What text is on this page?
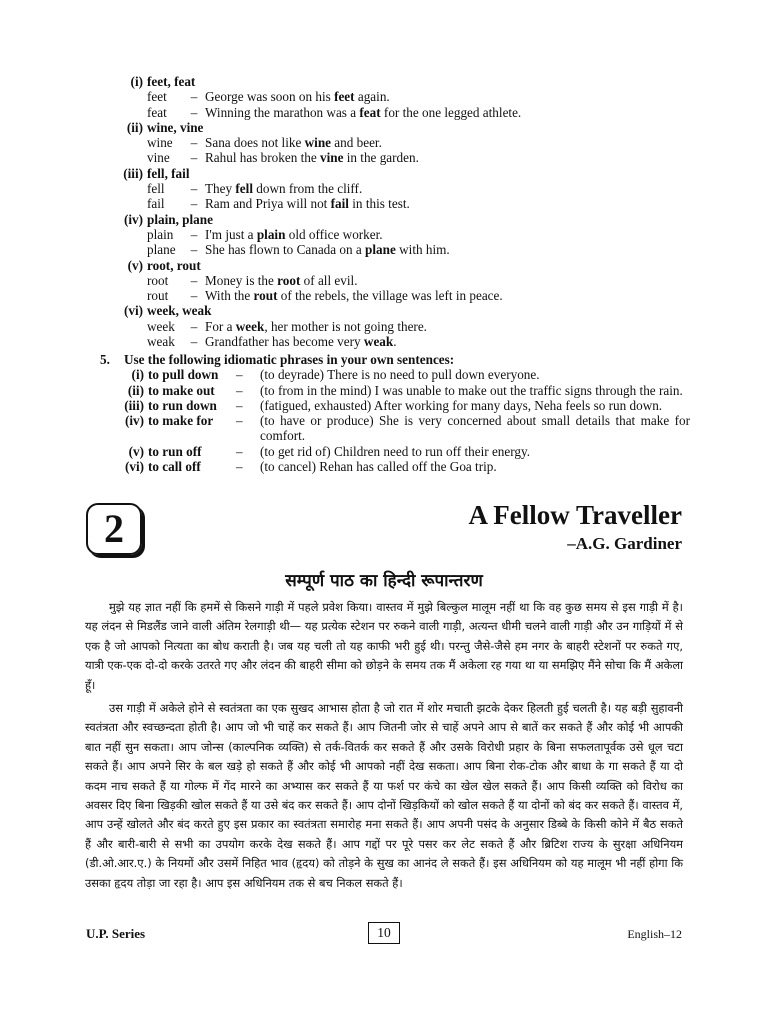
(i) feet, feat
feet	– George was soon on his feet again.
feat	– Winning the marathon was a feat for the one legged athlete.
(ii) wine, vine
wine	– Sana does not like wine and beer.
vine	– Rahul has broken the vine in the garden.
(iii) fell, fail
fell	– They fell down from the cliff.
fail	– Ram and Priya will not fail in this test.
(iv) plain, plane
plain	– I'm just a plain old office worker.
plane	– She has flown to Canada on a plane with him.
(v) root, rout
root	– Money is the root of all evil.
rout	– With the rout of the rebels, the village was left in peace.
(vi) week, weak
week	– For a week, her mother is not going there.
weak	– Grandfather has become very weak.
5.	Use the following idiomatic phrases in your own sentences:
(i) to pull down	–	(to deyrade) There is no need to pull down everyone.
(ii) to make out	–	(to from in the mind) I was unable to make out the traffic signs through the rain.
(iii) to run down	–	(fatigued, exhausted) After working for many days, Neha feels so run down.
(iv) to make for	–	(to have or produce) She is very concerned about small details that make for comfort.
(v) to run off	–	(to get rid of) Children need to run off their energy.
(vi) to call off	–	(to cancel) Rehan has called off the Goa trip.
2	A Fellow Traveller
–A.G. Gardiner
सम्पूर्ण पाठ का हिन्दी रूपान्तरण

मुझे यह ज्ञात नहीं कि हममें से किसने गाड़ी में पहले प्रवेश किया। वास्तव में मुझे बिल्कुल मालूम नहीं था कि वह कुछ समय से इस गाड़ी में है। यह लंदन से मिडलैंड जाने वाली अंतिम रेलगाड़ी थी— यह प्रत्येक स्टेशन पर रुकने वाली गाड़ी, अत्यन्त धीमी चलने वाली गाड़ी और उन गाड़ियों में से एक है जो आपको नित्यता का बोध कराती है। जब यह चली तो यह काफी भरी हुई थी। परन्तु जैसे-जैसे हम नगर के बाहरी स्टेशनों पर रुकते गए, यात्री एक-एक दो-दो करके उतरते गए और लंदन की बाहरी सीमा को छोड़ने के समय तक मैं अकेला रह गया था या समझिए मैंने सोचा कि मैं अकेला हूँ।

उस गाड़ी में अकेले होने से स्वतंत्रता का एक सुखद आभास होता है जो रात में शोर मचाती झटके देकर हिलती हुई चलती है। यह बड़ी सुहावनी स्वतंत्रता और स्वच्छन्दता होती है। आप जो भी चाहें कर सकते हैं। आप जितनी जोर से चाहें अपने आप से बातें कर सकते हैं और कोई भी आपकी बात नहीं सुन सकता। आप जोन्स (काल्पनिक व्यक्ति) से तर्क-वितर्क कर सकते हैं और उसके विरोधी प्रहार के बिना सफलतापूर्वक उसे धूल चटा सकते हैं। आप अपने सिर के बल खड़े हो सकते हैं और कोई भी आपको नहीं देख सकता। आप बिना रोक-टोक और बाधा के गा सकते हैं या दो कदम नाच सकते हैं या गोल्फ में गेंद मारने का अभ्यास कर सकते हैं या फर्श पर कंचे का खेल खेल सकते हैं। आप किसी व्यक्ति को विरोध का अवसर दिए बिना खिड़की खोल सकते हैं या उसे बंद कर सकते हैं। आप दोनों खिड़कियों को खोल सकते हैं या दोनों को बंद कर सकते हैं। वास्तव में, आप उन्हें खोलते और बंद करते हुए इस प्रकार का स्वतंत्रता समारोह मना सकते हैं। आप अपनी पसंद के अनुसार डिब्बे के किसी कोने में बैठ सकते हैं और बारी-बारी से सभी का उपयोग करके देख सकते हैं। आप गद्दों पर पूरे पसर कर लेट सकते हैं और ब्रिटिश राज्य के सुरक्षा अधिनियम (डी.ओ.आर.ए.) के नियमों और उसमें निहित भाव (हृदय) को तोड़ने के सुख का आनंद ले सकते हैं। इस अधिनियम को यह मालूम भी नहीं होगा कि उसका हृदय तोड़ा जा रहा है। आप इस अधिनियम तक से बच निकल सकते हैं।

U.P. Series	10	English–12
